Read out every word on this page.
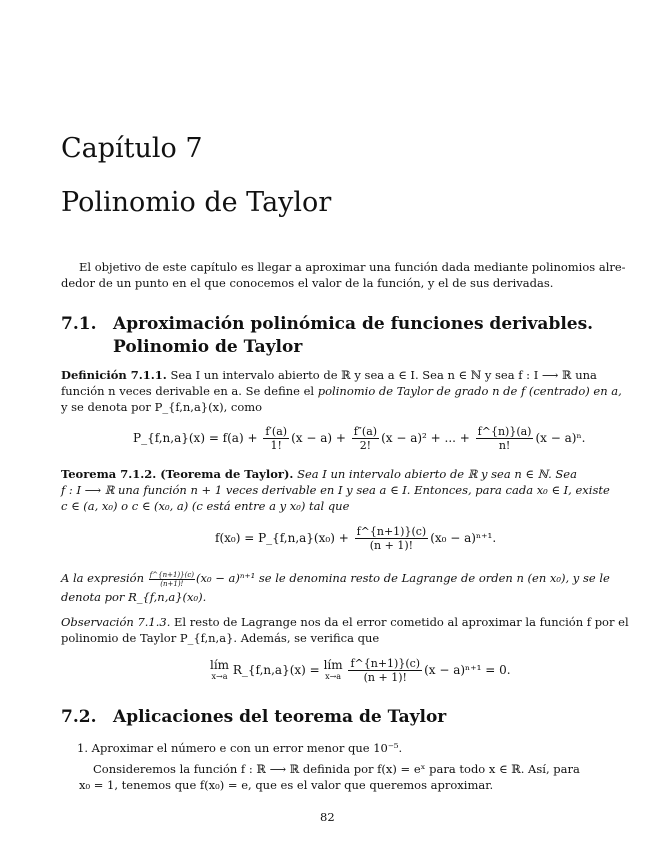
Capítulo 7
Polinomio de Taylor
El objetivo de este capítulo es llegar a aproximar una función dada mediante polinomios alre-
dedor de un punto en el que conocemos el valor de la función, y el de sus derivadas.
7.1. Aproximación polinómica de funciones derivables.
Polinomio de Taylor
Definición 7.1.1. Sea I un intervalo abierto de ℝ y sea a ∈ I. Sea n ∈ ℕ y sea f : I ⟶ ℝ una
función n veces derivable en a. Se define el polinomio de Taylor de grado n de f (centrado) en a,
y se denota por P_{f,n,a}(x), como
P_{f,n,a}(x) = $f(a) + \frac{f'(a)}{1!} (x - a) + \frac{f''(a)}{2!} (x - a)^2$ + ... + $\frac{f\^{}\{n)\}(a)}{n!} (x - a)^n$.
Teorema 7.1.2. (Teorema de Taylor). Sea I un intervalo abierto de ℝ y sea n ∈ ℕ. Sea
f : I ⟶ ℝ una función n + 1 veces derivable en I y sea a ∈ I. Entonces, para cada x₀ ∈ I, existe
c ∈ (a, x₀) o c ∈ (x₀, a) (c está entre a y x₀) tal que
f(x₀) = P_{f,n,a}(x₀) + $\frac{f\^{}\{n+1)\}(c)}{(n + 1)!} (x_0 - a)^{n+1}$.
A la expresión $\frac{f\^{}\{n+1)\}(c)}{(n+1)!} (x_0 - a)^{n+1}$ se le denomina resto de Lagrange de orden n (en x₀), y se le
denota por R_{f,n,a}(x₀).
Observación 7.1.3. El resto de Lagrange nos da el error cometido al aproximar la función f por el
polinomio de Taylor P_{f,n,a}. Además, se verifica que
lím
x→a R_{f,n,a}(x) = lím
x→a
$\frac{f\^{}\{n+1)\}(c)}{(n + 1)!} (x - a)^{n+1} = 0$.
7.2. Aplicaciones del teorema de Taylor
1. Aproximar el número e con un error menor que 10⁻⁵.
Consideremos la función f : ℝ ⟶ ℝ definida por f(x) = eˣ para todo x ∈ ℝ. Así, para
x₀ = 1, tenemos que f(x₀) = e, que es el valor que queremos aproximar.
82
